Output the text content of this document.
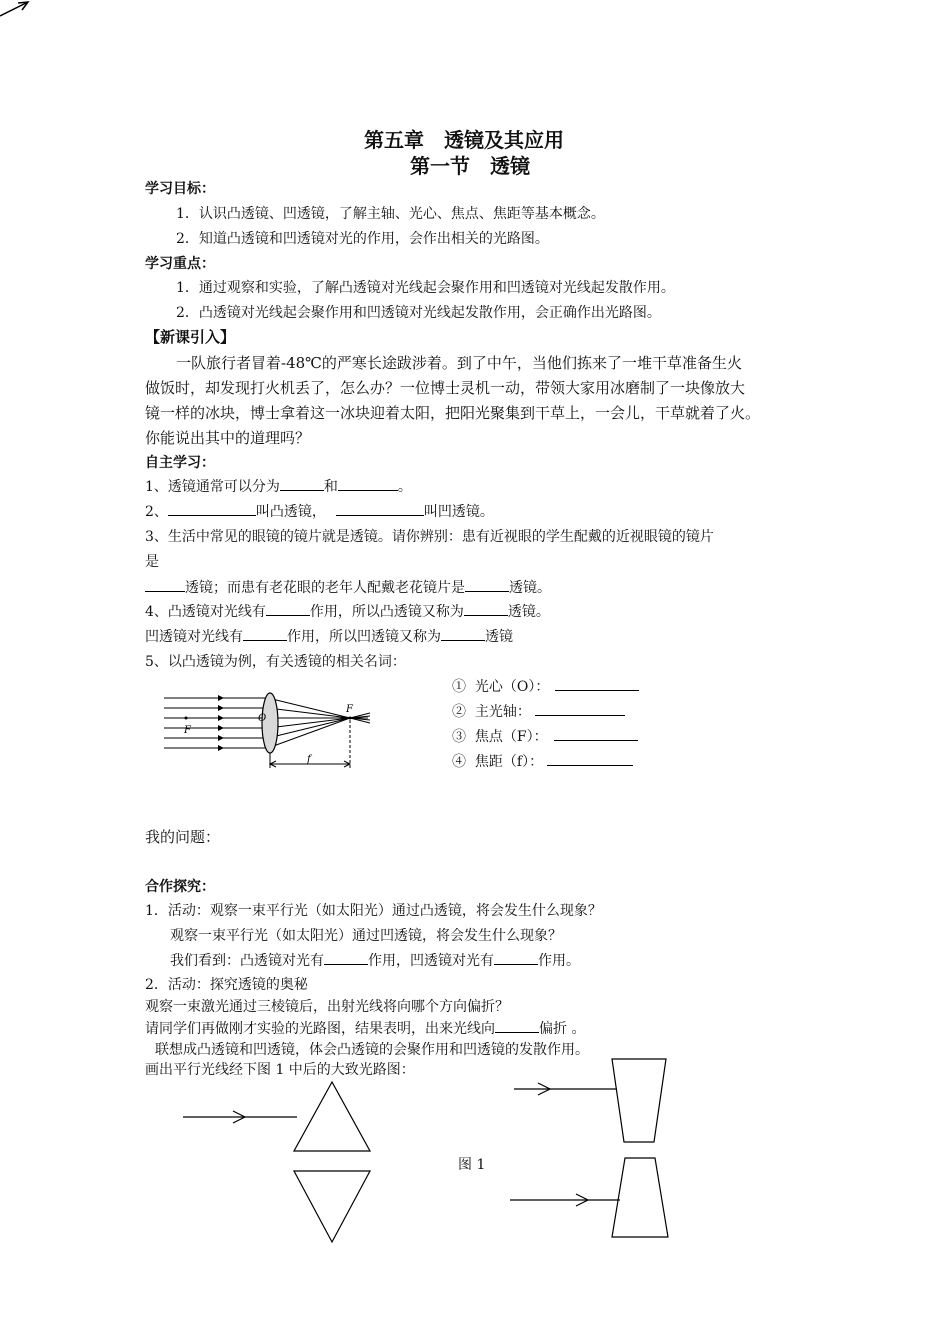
第五章　透镜及其应用
第一节　透镜
学习目标：
1．认识凸透镜、凹透镜，了解主轴、光心、焦点、焦距等基本概念。
2．知道凸透镜和凹透镜对光的作用，会作出相关的光路图。
学习重点：
1．通过观察和实验，了解凸透镜对光线起会聚作用和凹透镜对光线起发散作用。
2．凸透镜对光线起会聚作用和凹透镜对光线起发散作用，会正确作出光路图。
【新课引入】
一队旅行者冒着-48℃的严寒长途跋涉着。到了中午，当他们拣来了一堆干草准备生火
做饭时，却发现打火机丢了，怎么办？一位博士灵机一动，带领大家用冰磨制了一块像放大
镜一样的冰块，博士拿着这一冰块迎着太阳，把阳光聚集到干草上，一会儿，干草就着了火。
你能说出其中的道理吗？
自主学习：
1、透镜通常可以分为	和	。
2、	叫凸透镜，	叫凹透镜。
3、生活中常见的眼镜的镜片就是透镜。请你辨别：患有近视眼的学生配戴的近视眼镜的镜片
是
透镜；而患有老花眼的老年人配戴老花镜片是	透镜。
4、凸透镜对光线有	作用，所以凸透镜又称为	透镜。
凹透镜对光线有	作用，所以凹透镜又称为	透镜
5、以凸透镜为例，有关透镜的相关名词：
O
F
F
f
① 光心（O）：
② 主光轴：
③ 焦点（F）：
④ 焦距（f）：
我的问题：
合作探究：
1．活动：观察一束平行光（如太阳光）通过凸透镜，将会发生什么现象？
观察一束平行光（如太阳光）通过凹透镜，将会发生什么现象？
我们看到：凸透镜对光有	作用，凹透镜对光有	作用。
2．活动：探究透镜的奥秘
观察一束激光通过三棱镜后，出射光线将向哪个方向偏折？
请同学们再做刚才实验的光路图，结果表明，出来光线向	偏折 。
联想成凸透镜和凹透镜，体会凸透镜的会聚作用和凹透镜的发散作用。
画出平行光线经下图 1 中后的大致光路图：
图 1
